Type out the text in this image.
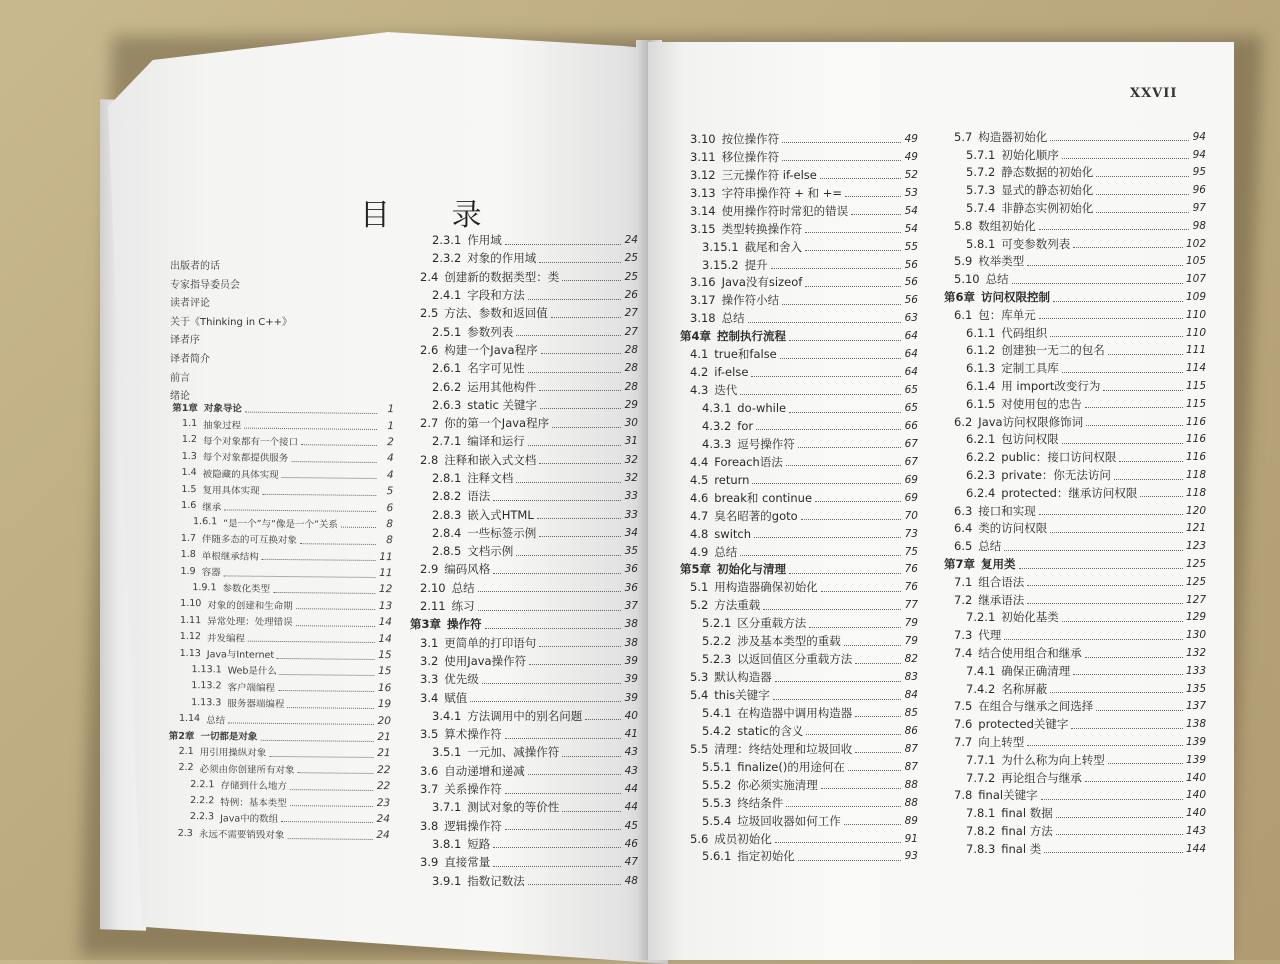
XXVII
目 录
出版者的话
专家指导委员会
读者评论
关于《Thinking in C++》
译者序
译者简介
前言
绪论
第1章 对象导论	1
1.1 抽象过程	1
1.2 每个对象都有一个接口	2
1.3 每个对象都提供服务	4
1.4 被隐藏的具体实现	4
1.5 复用具体实现	5
1.6 继承	6
1.6.1 “是一个”与“像是一个”关系	8
1.7 伴随多态的可互换对象	8
1.8 单根继承结构	11
1.9 容器	11
1.9.1 参数化类型	12
1.10 对象的创建和生命期	13
1.11 异常处理：处理错误	14
1.12 并发编程	14
1.13 Java与Internet	15
1.13.1 Web是什么	15
1.13.2 客户端编程	16
1.13.3 服务器端编程	19
1.14 总结	20
第2章 一切都是对象	21
2.1 用引用操纵对象	21
2.2 必须由你创建所有对象	22
2.2.1 存储到什么地方	22
2.2.2 特例：基本类型	23
2.2.3 Java中的数组	24
2.3 永远不需要销毁对象	24
2.3.1 作用域	24
2.3.2 对象的作用域	25
2.4 创建新的数据类型：类	25
2.4.1 字段和方法	26
2.5 方法、参数和返回值	27
2.5.1 参数列表	27
2.6 构建一个Java程序	28
2.6.1 名字可见性	28
2.6.2 运用其他构件	28
2.6.3 static 关键字	29
2.7 你的第一个Java程序	30
2.7.1 编译和运行	31
2.8 注释和嵌入式文档	32
2.8.1 注释文档	32
2.8.2 语法	33
2.8.3 嵌入式HTML	33
2.8.4 一些标签示例	34
2.8.5 文档示例	35
2.9 编码风格	36
2.10 总结	36
2.11 练习	37
第3章 操作符	38
3.1 更简单的打印语句	38
3.2 使用Java操作符	39
3.3 优先级	39
3.4 赋值	39
3.4.1 方法调用中的别名问题	40
3.5 算术操作符	41
3.5.1 一元加、减操作符	43
3.6 自动递增和递减	43
3.7 关系操作符	44
3.7.1 测试对象的等价性	44
3.8 逻辑操作符	45
3.8.1 短路	46
3.9 直接常量	47
3.9.1 指数记数法	48
3.10 按位操作符	49
3.11 移位操作符	49
3.12 三元操作符 if-else	52
3.13 字符串操作符 + 和 +=	53
3.14 使用操作符时常犯的错误	54
3.15 类型转换操作符	54
3.15.1 截尾和舍入	55
3.15.2 提升	56
3.16 Java没有sizeof	56
3.17 操作符小结	56
3.18 总结	63
第4章 控制执行流程	64
4.1 true和false	64
4.2 if-else	64
4.3 迭代	65
4.3.1 do-while	65
4.3.2 for	66
4.3.3 逗号操作符	67
4.4 Foreach语法	67
4.5 return	69
4.6 break和 continue	69
4.7 臭名昭著的goto	70
4.8 switch	73
4.9 总结	75
第5章 初始化与清理	76
5.1 用构造器确保初始化	76
5.2 方法重载	77
5.2.1 区分重载方法	79
5.2.2 涉及基本类型的重载	79
5.2.3 以返回值区分重载方法	82
5.3 默认构造器	83
5.4 this关键字	84
5.4.1 在构造器中调用构造器	85
5.4.2 static的含义	86
5.5 清理：终结处理和垃圾回收	87
5.5.1 finalize()的用途何在	87
5.5.2 你必须实施清理	88
5.5.3 终结条件	88
5.5.4 垃圾回收器如何工作	89
5.6 成员初始化	91
5.6.1 指定初始化	93
5.7 构造器初始化	94
5.7.1 初始化顺序	94
5.7.2 静态数据的初始化	95
5.7.3 显式的静态初始化	96
5.7.4 非静态实例初始化	97
5.8 数组初始化	98
5.8.1 可变参数列表	102
5.9 枚举类型	105
5.10 总结	107
第6章 访问权限控制	109
6.1 包：库单元	110
6.1.1 代码组织	110
6.1.2 创建独一无二的包名	111
6.1.3 定制工具库	114
6.1.4 用 import改变行为	115
6.1.5 对使用包的忠告	115
6.2 Java访问权限修饰词	116
6.2.1 包访问权限	116
6.2.2 public：接口访问权限	116
6.2.3 private：你无法访问	118
6.2.4 protected：继承访问权限	118
6.3 接口和实现	120
6.4 类的访问权限	121
6.5 总结	123
第7章 复用类	125
7.1 组合语法	125
7.2 继承语法	127
7.2.1 初始化基类	129
7.3 代理	130
7.4 结合使用组合和继承	132
7.4.1 确保正确清理	133
7.4.2 名称屏蔽	135
7.5 在组合与继承之间选择	137
7.6 protected关键字	138
7.7 向上转型	139
7.7.1 为什么称为向上转型	139
7.7.2 再论组合与继承	140
7.8 final关键字	140
7.8.1 final 数据	140
7.8.2 final 方法	143
7.8.3 final 类	144
